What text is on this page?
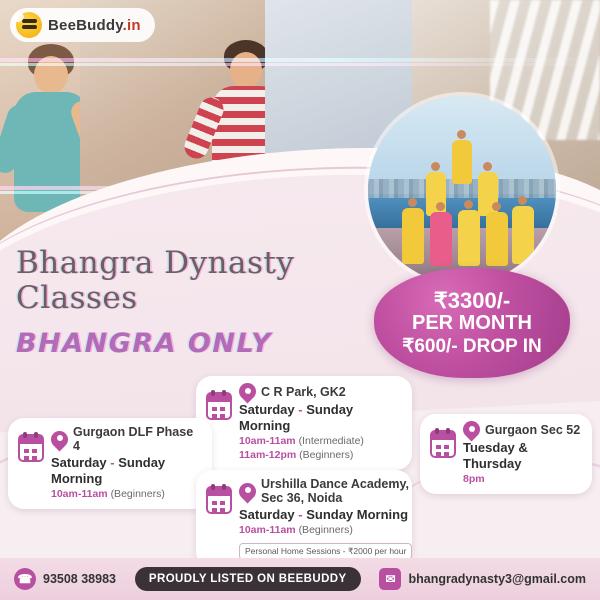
BeeBuddy.in
Bhangra Dynasty
Classes
BHANGRA ONLY
₹3300/-
PER MONTH
₹600/- DROP IN
C R Park, GK2
Saturday - Sunday Morning
10am-11am (Intermediate)
11am-12pm (Beginners)
Gurgaon DLF Phase 4
Saturday - Sunday Morning
10am-11am (Beginners)
Gurgaon Sec 52
Tuesday & Thursday
8pm
Urshilla Dance Academy, Sec 36, Noida
Saturday - Sunday Morning
10am-11am (Beginners)
Personal Home Sessions - ₹2000 per hour
☎ 93508 38983	PROUDLY LISTED ON BEEBUDDY	✉	bhangradynasty3@gmail.com
